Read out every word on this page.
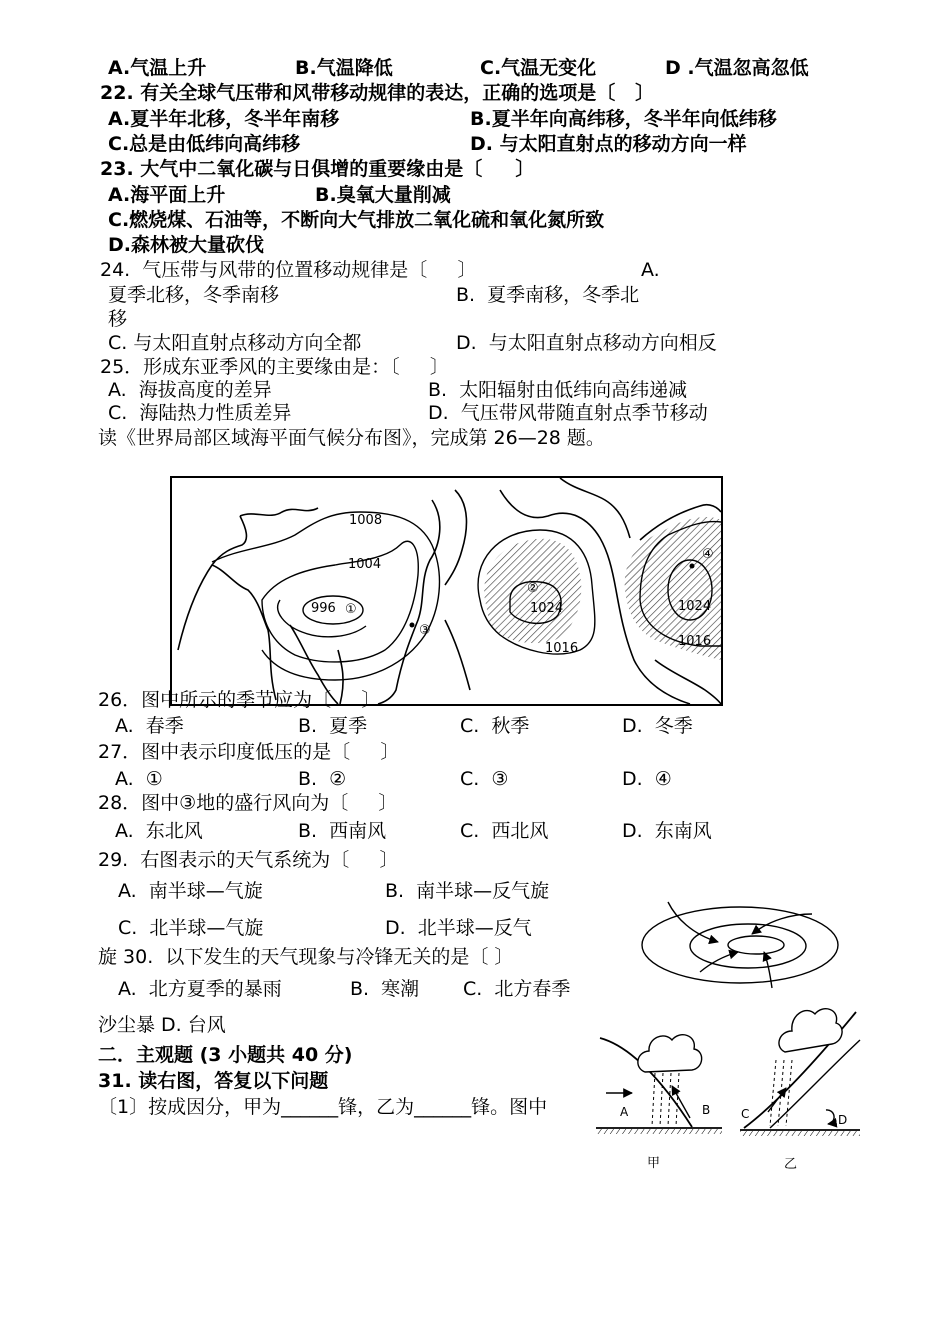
1008
1004
996 ①
③
②
1024
1016
④
1024
1016
A	B
甲
C	D
乙
A.气温上升	B.气温降低	C.气温无变化	D .气温忽高忽低
22. 有关全球气压带和风带移动规律的表达，正确的选项是〔   〕
A.夏半年北移，冬半年南移	B.夏半年向高纬移，冬半年向低纬移
C.总是由低纬向高纬移	D. 与太阳直射点的移动方向一样
23. 大气中二氧化碳与日俱增的重要缘由是〔     〕
A.海平面上升	B.臭氧大量削减
C.燃烧煤、石油等，不断向大气排放二氧化硫和氧化氮所致
D.森林被大量砍伐
24.  气压带与风带的位置移动规律是〔     〕	A.
夏季北移，冬季南移	B.  夏季南移，冬季北
移
C. 与太阳直射点移动方向全都	D.  与太阳直射点移动方向相反
25．形成东亚季风的主要缘由是：〔     〕
A.  海拔高度的差异	B.  太阳辐射由低纬向高纬递减
C.  海陆热力性质差异	D.  气压带风带随直射点季节移动
读《世界局部区域海平面气候分布图》，完成第 26—28 题。
26．图中所示的季节应为〔     〕
A.  春季	B.  夏季	C.  秋季	D.  冬季
27．图中表示印度低压的是〔     〕
A.  ①	B.  ②	C.  ③	D.  ④
28．图中③地的盛行风向为〔     〕
A.  东北风	B.  西南风	C.  西北风	D.  东南风
29.  右图表示的天气系统为〔     〕
A.  南半球—气旋	B.  南半球—反气旋
C.  北半球—气旋	D.  北半球—反气
旋 30.  以下发生的天气现象与冷锋无关的是〔 〕
A.  北方夏季的暴雨	B.  寒潮 C.  北方春季
沙尘暴 D. 台风
二．主观题 (3 小题共 40 分)
31. 读右图，答复以下问题
〔1〕按成因分，甲为______锋，乙为______锋。图中
